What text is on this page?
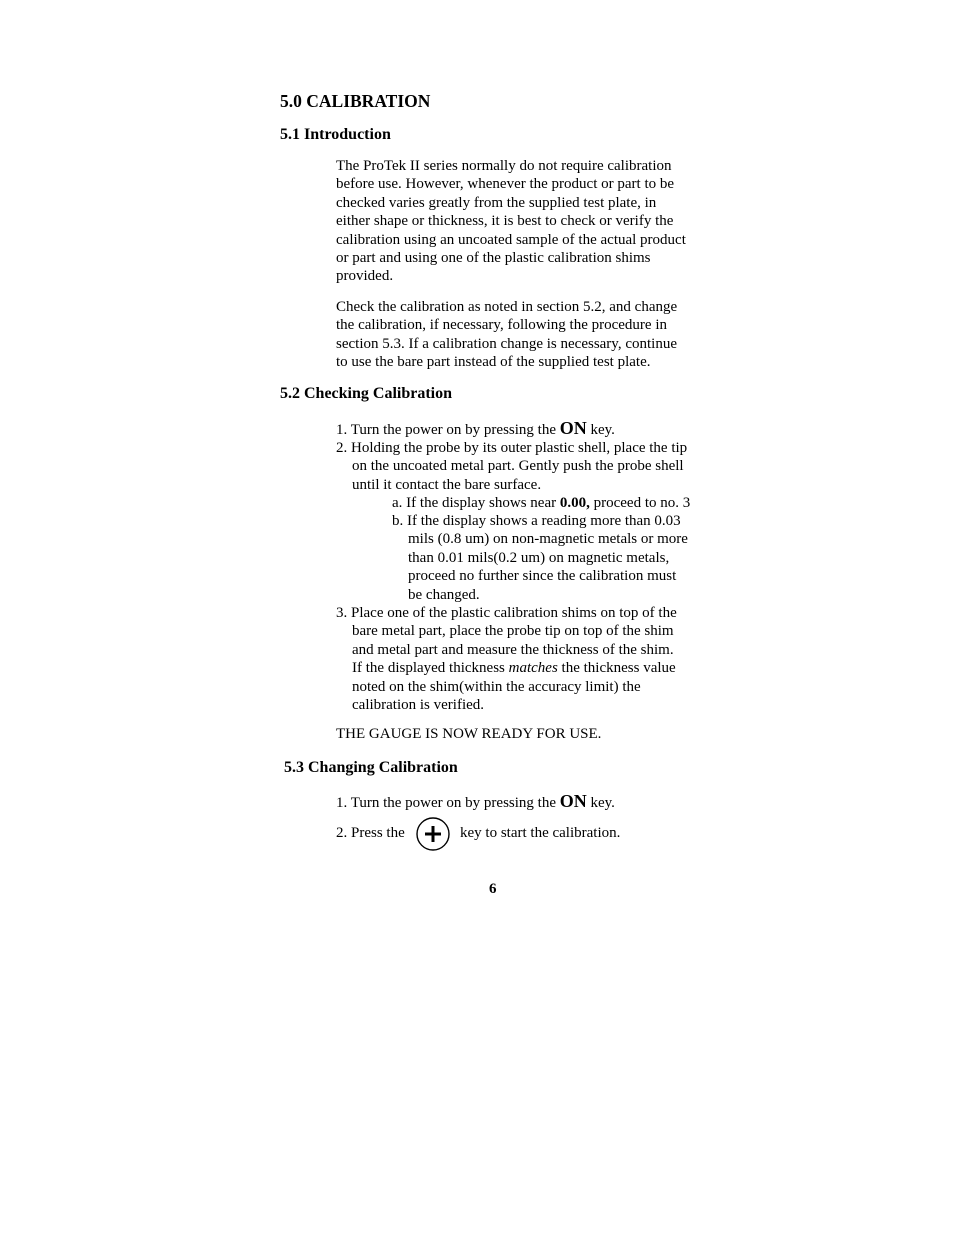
5.0 CALIBRATION
5.1 Introduction
The ProTek II series normally do not require calibration
before use. However, whenever the product or part to be
checked varies greatly from the supplied test plate, in
either shape or thickness, it is best to check or verify the
calibration using an uncoated sample of the actual product
or part and using one of the plastic calibration shims
provided.
Check the calibration as noted in section 5.2, and change
the calibration, if necessary, following the procedure in
section 5.3. If a calibration change is necessary, continue
to use the bare part instead of the supplied test plate.
5.2 Checking Calibration
1. Turn the power on by pressing the ON key.
2. Holding the probe by its outer plastic shell, place the tip
on the uncoated metal part. Gently push the probe shell
until it contact the bare surface.
a. If the display shows near 0.00, proceed to no. 3
b. If the display shows a reading more than 0.03
mils (0.8 um) on non-magnetic metals or more
than 0.01 mils(0.2 um) on magnetic metals,
proceed no further since the calibration must
be changed.
3. Place one of the plastic calibration shims on top of the
bare metal part, place the probe tip on top of the shim
and metal part and measure the thickness of the shim.
If the displayed thickness matches the thickness value
noted on the shim(within the accuracy limit) the
calibration is verified.
THE GAUGE IS NOW READY FOR USE.
5.3 Changing Calibration
1. Turn the power on by pressing the ON key.
2. Press the	key to start the calibration.
6
